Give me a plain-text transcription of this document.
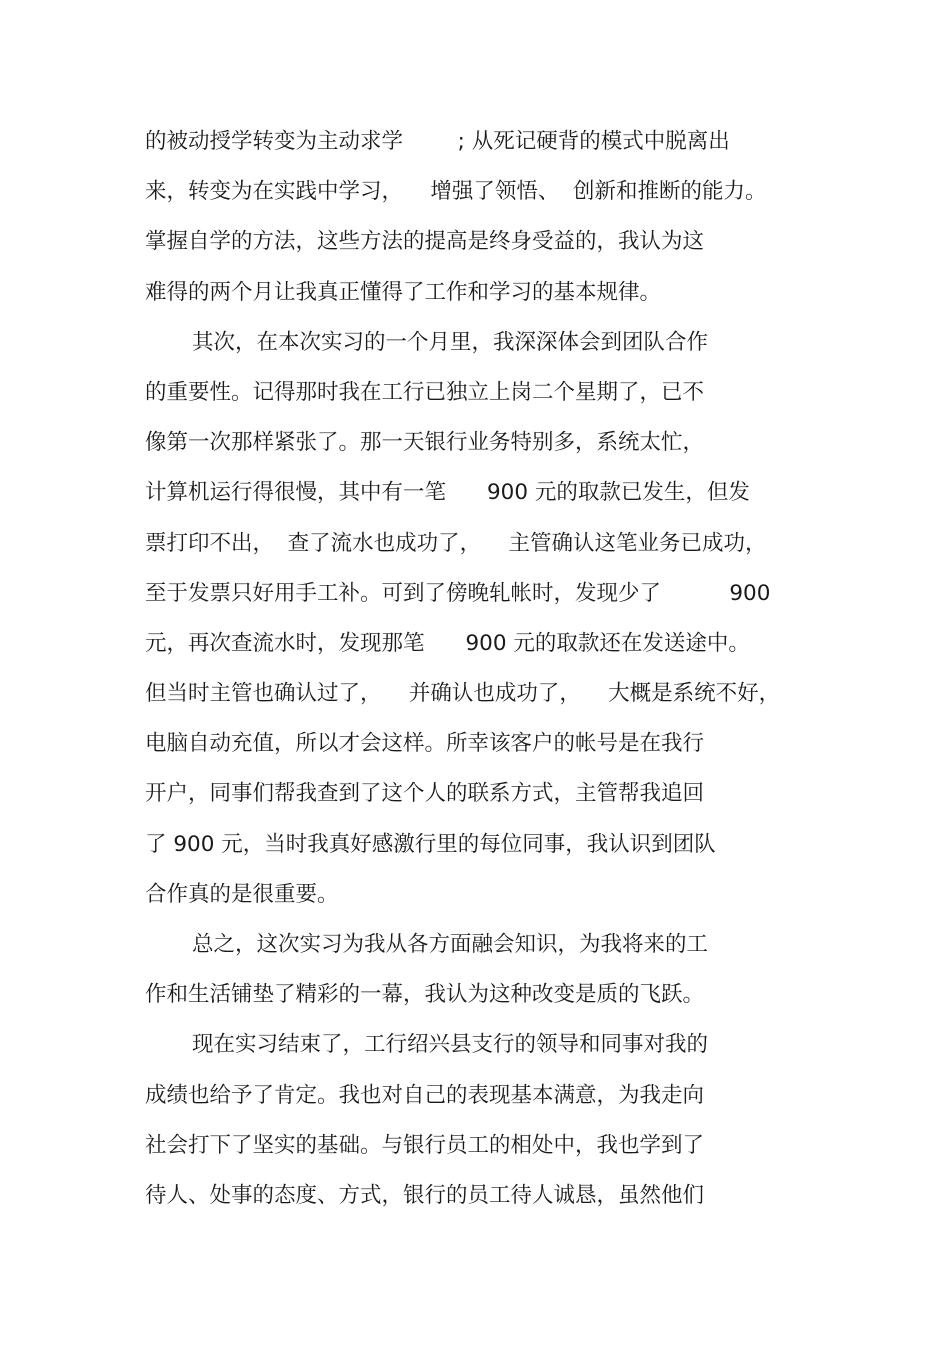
的被动授学转变为主动求学        ; 从死记硬背的模式中脱离出
来，转变为在实践中学习，    增强了领悟、  创新和推断的能力。
掌握自学的方法，这些方法的提高是终身受益的，我认为这
难得的两个月让我真正懂得了工作和学习的基本规律。
其次，在本次实习的一个月里，我深深体会到团队合作
的重要性。记得那时我在工行已独立上岗二个星期了，已不
像第一次那样紧张了。那一天银行业务特别多，系统太忙，
计算机运行得很慢，其中有一笔      900 元的取款已发生，但发
票打印不出，  查了流水也成功了，    主管确认这笔业务已成功，
至于发票只好用手工补。可到了傍晚轧帐时，发现少了          900
元，再次查流水时，发现那笔      900 元的取款还在发送途中。
但当时主管也确认过了，    并确认也成功了，    大概是系统不好，
电脑自动充值，所以才会这样。所幸该客户的帐号是在我行
开户，同事们帮我查到了这个人的联系方式，主管帮我追回
了 900 元，当时我真好感激行里的每位同事，我认识到团队
合作真的是很重要。
总之，这次实习为我从各方面融会知识，为我将来的工
作和生活铺垫了精彩的一幕，我认为这种改变是质的飞跃。
现在实习结束了，工行绍兴县支行的领导和同事对我的
成绩也给予了肯定。我也对自己的表现基本满意，为我走向
社会打下了坚实的基础。与银行员工的相处中，我也学到了
待人、处事的态度、方式，银行的员工待人诚恳，虽然他们
